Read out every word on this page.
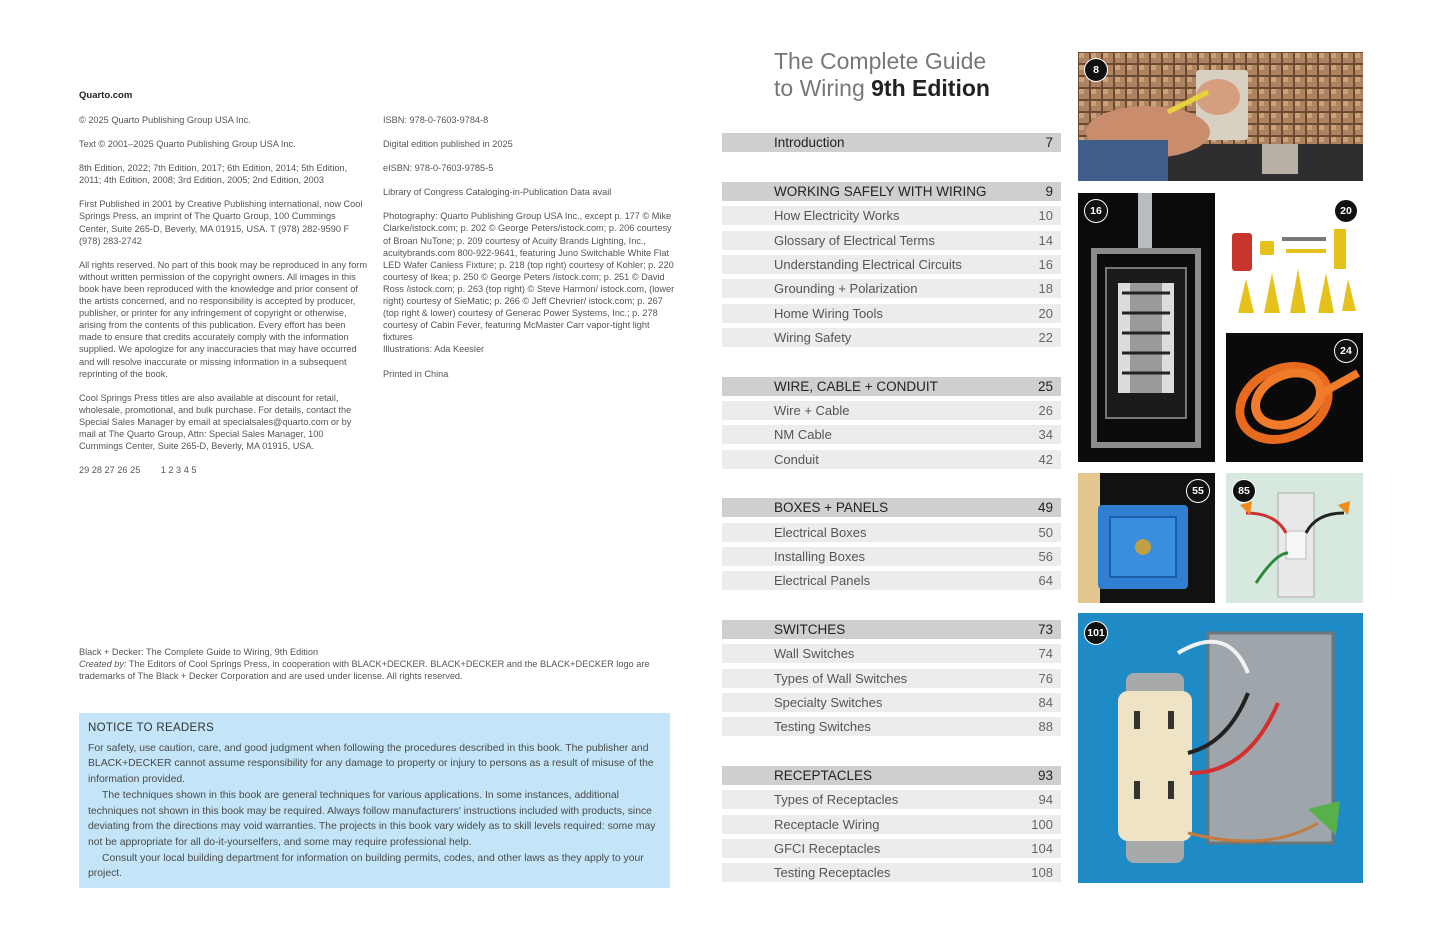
Quarto.com

© 2025 Quarto Publishing Group USA Inc.

Text © 2001–2025 Quarto Publishing Group USA Inc.

8th Edition, 2022; 7th Edition, 2017; 6th Edition, 2014; 5th Edition, 2011; 4th Edition, 2008; 3rd Edition, 2005; 2nd Edition, 2003

First Published in 2001 by Creative Publishing international, now Cool Springs Press, an imprint of The Quarto Group, 100 Cummings Center, Suite 265-D, Beverly, MA 01915, USA. T (978) 282-9590 F (978) 283-2742

All rights reserved. No part of this book may be reproduced in any form without written permission of the copyright owners. All images in this book have been reproduced with the knowledge and prior consent of the artists concerned, and no responsibility is accepted by producer, publisher, or printer for any infringement of copyright or otherwise, arising from the contents of this publication. Every effort has been made to ensure that credits accurately comply with the information supplied. We apologize for any inaccuracies that may have occurred and will resolve inaccurate or missing information in a subsequent reprinting of the book.

Cool Springs Press titles are also available at discount for retail, wholesale, promotional, and bulk purchase. For details, contact the Special Sales Manager by email at specialsales@quarto.com or by mail at The Quarto Group, Attn: Special Sales Manager, 100 Cummings Center, Suite 265-D, Beverly, MA 01915, USA.

29 28 27 26 25        1 2 3 4 5

ISBN: 978-0-7603-9784-8

Digital edition published in 2025

eISBN: 978-0-7603-9785-5

Library of Congress Cataloging-in-Publication Data avail

Photography: Quarto Publishing Group USA Inc., except p. 177 © Mike Clarke/istock.com; p. 202 © George Peters/istock.com; p. 206 courtesy of Broan NuTone; p. 209 courtesy of Acuity Brands Lighting, Inc., acuitybrands.com 800-922-9641, featuring Juno Switchable White Flat LED Wafer Canless Fixture; p. 218 (top right) courtesy of Kohler; p. 220 courtesy of Ikea; p. 250 © George Peters /istock.com; p. 251 © David Ross /istock.com; p. 263 (top right) © Steve Harmon/ istock.com, (lower right) courtesy of SieMatic; p. 266 © Jeff Chevrier/ istock.com; p. 267 (top right & lower) courtesy of Generac Power Systems, Inc.; p. 278 courtesy of Cabin Fever, featuring McMaster Carr vapor-tight light fixtures
Illustrations: Ada Keesler

Printed in China

Black + Decker: The Complete Guide to Wiring, 9th Edition
Created by: The Editors of Cool Springs Press, in cooperation with BLACK+DECKER. BLACK+DECKER and the BLACK+DECKER logo are trademarks of The Black + Decker Corporation and are used under license. All rights reserved.
NOTICE TO READERS

For safety, use caution, care, and good judgment when following the procedures described in this book. The publisher and BLACK+DECKER cannot assume responsibility for any damage to property or injury to persons as a result of misuse of the information provided.

The techniques shown in this book are general techniques for various applications. In some instances, additional techniques not shown in this book may be required. Always follow manufacturers' instructions included with products, since deviating from the directions may void warranties. The projects in this book vary widely as to skill levels required: some may not be appropriate for all do-it-yourselfers, and some may require professional help.

Consult your local building department for information on building permits, codes, and other laws as they apply to your project.

The Complete Guide
to Wiring 9th Edition
Introduction	7
WORKING SAFELY WITH WIRING	9
How Electricity Works	10
Glossary of Electrical Terms	14
Understanding Electrical Circuits	16
Grounding + Polarization	18
Home Wiring Tools	20
Wiring Safety	22
WIRE, CABLE + CONDUIT	25
Wire + Cable	26
NM Cable	34
Conduit	42
BOXES + PANELS	49
Electrical Boxes	50
Installing Boxes	56
Electrical Panels	64
SWITCHES	73
Wall Switches	74
Types of Wall Switches	76
Specialty Switches	84
Testing Switches	88
RECEPTACLES	93
Types of Receptacles	94
Receptacle Wiring	100
GFCI Receptacles	104
Testing Receptacles	108
8
16	20
24
55	85
101
